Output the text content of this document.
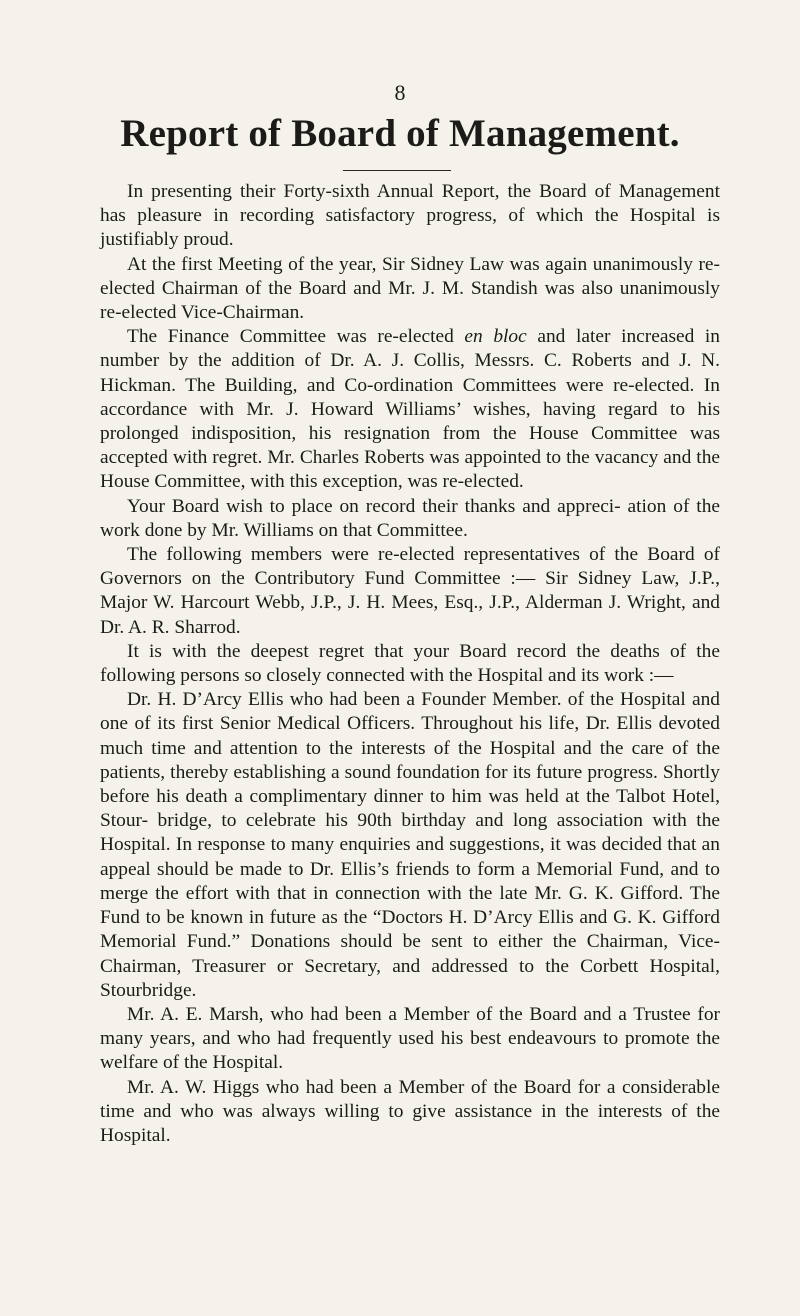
8
Report of Board of Management.

In presenting their Forty-sixth Annual Report, the Board of Management has pleasure in recording satisfactory progress, of which the Hospital is justifiably proud.

At the first Meeting of the year, Sir Sidney Law was again unanimously re-elected Chairman of the Board and Mr. J. M. Standish was also unanimously re-elected Vice-Chairman.

The Finance Committee was re-elected en bloc and later increased in number by the addition of Dr. A. J. Collis, Messrs. C. Roberts and J. N. Hickman. The Building, and Co-ordination Committees were re-elected. In accordance with Mr. J. Howard Williams’ wishes, having regard to his prolonged indisposition, his resignation from the House Committee was accepted with regret. Mr. Charles Roberts was appointed to the vacancy and the House Committee, with this exception, was re-elected.

Your Board wish to place on record their thanks and appreci- ation of the work done by Mr. Williams on that Committee.

The following members were re-elected representatives of the Board of Governors on the Contributory Fund Committee :— Sir Sidney Law, J.P., Major W. Harcourt Webb, J.P., J. H. Mees, Esq., J.P., Alderman J. Wright, and Dr. A. R. Sharrod.

It is with the deepest regret that your Board record the deaths of the following persons so closely connected with the Hospital and its work :—

Dr. H. D’Arcy Ellis who had been a Founder Member. of the Hospital and one of its first Senior Medical Officers. Throughout his life, Dr. Ellis devoted much time and attention to the interests of the Hospital and the care of the patients, thereby establishing a sound foundation for its future progress. Shortly before his death a complimentary dinner to him was held at the Talbot Hotel, Stour- bridge, to celebrate his 90th birthday and long association with the Hospital. In response to many enquiries and suggestions, it was decided that an appeal should be made to Dr. Ellis’s friends to form a Memorial Fund, and to merge the effort with that in connection with the late Mr. G. K. Gifford. The Fund to be known in future as the “Doctors H. D’Arcy Ellis and G. K. Gifford Memorial Fund.” Donations should be sent to either the Chairman, Vice-Chairman, Treasurer or Secretary, and addressed to the Corbett Hospital, Stourbridge.

Mr. A. E. Marsh, who had been a Member of the Board and a Trustee for many years, and who had frequently used his best endeavours to promote the welfare of the Hospital.

Mr. A. W. Higgs who had been a Member of the Board for a considerable time and who was always willing to give assistance in the interests of the Hospital.
